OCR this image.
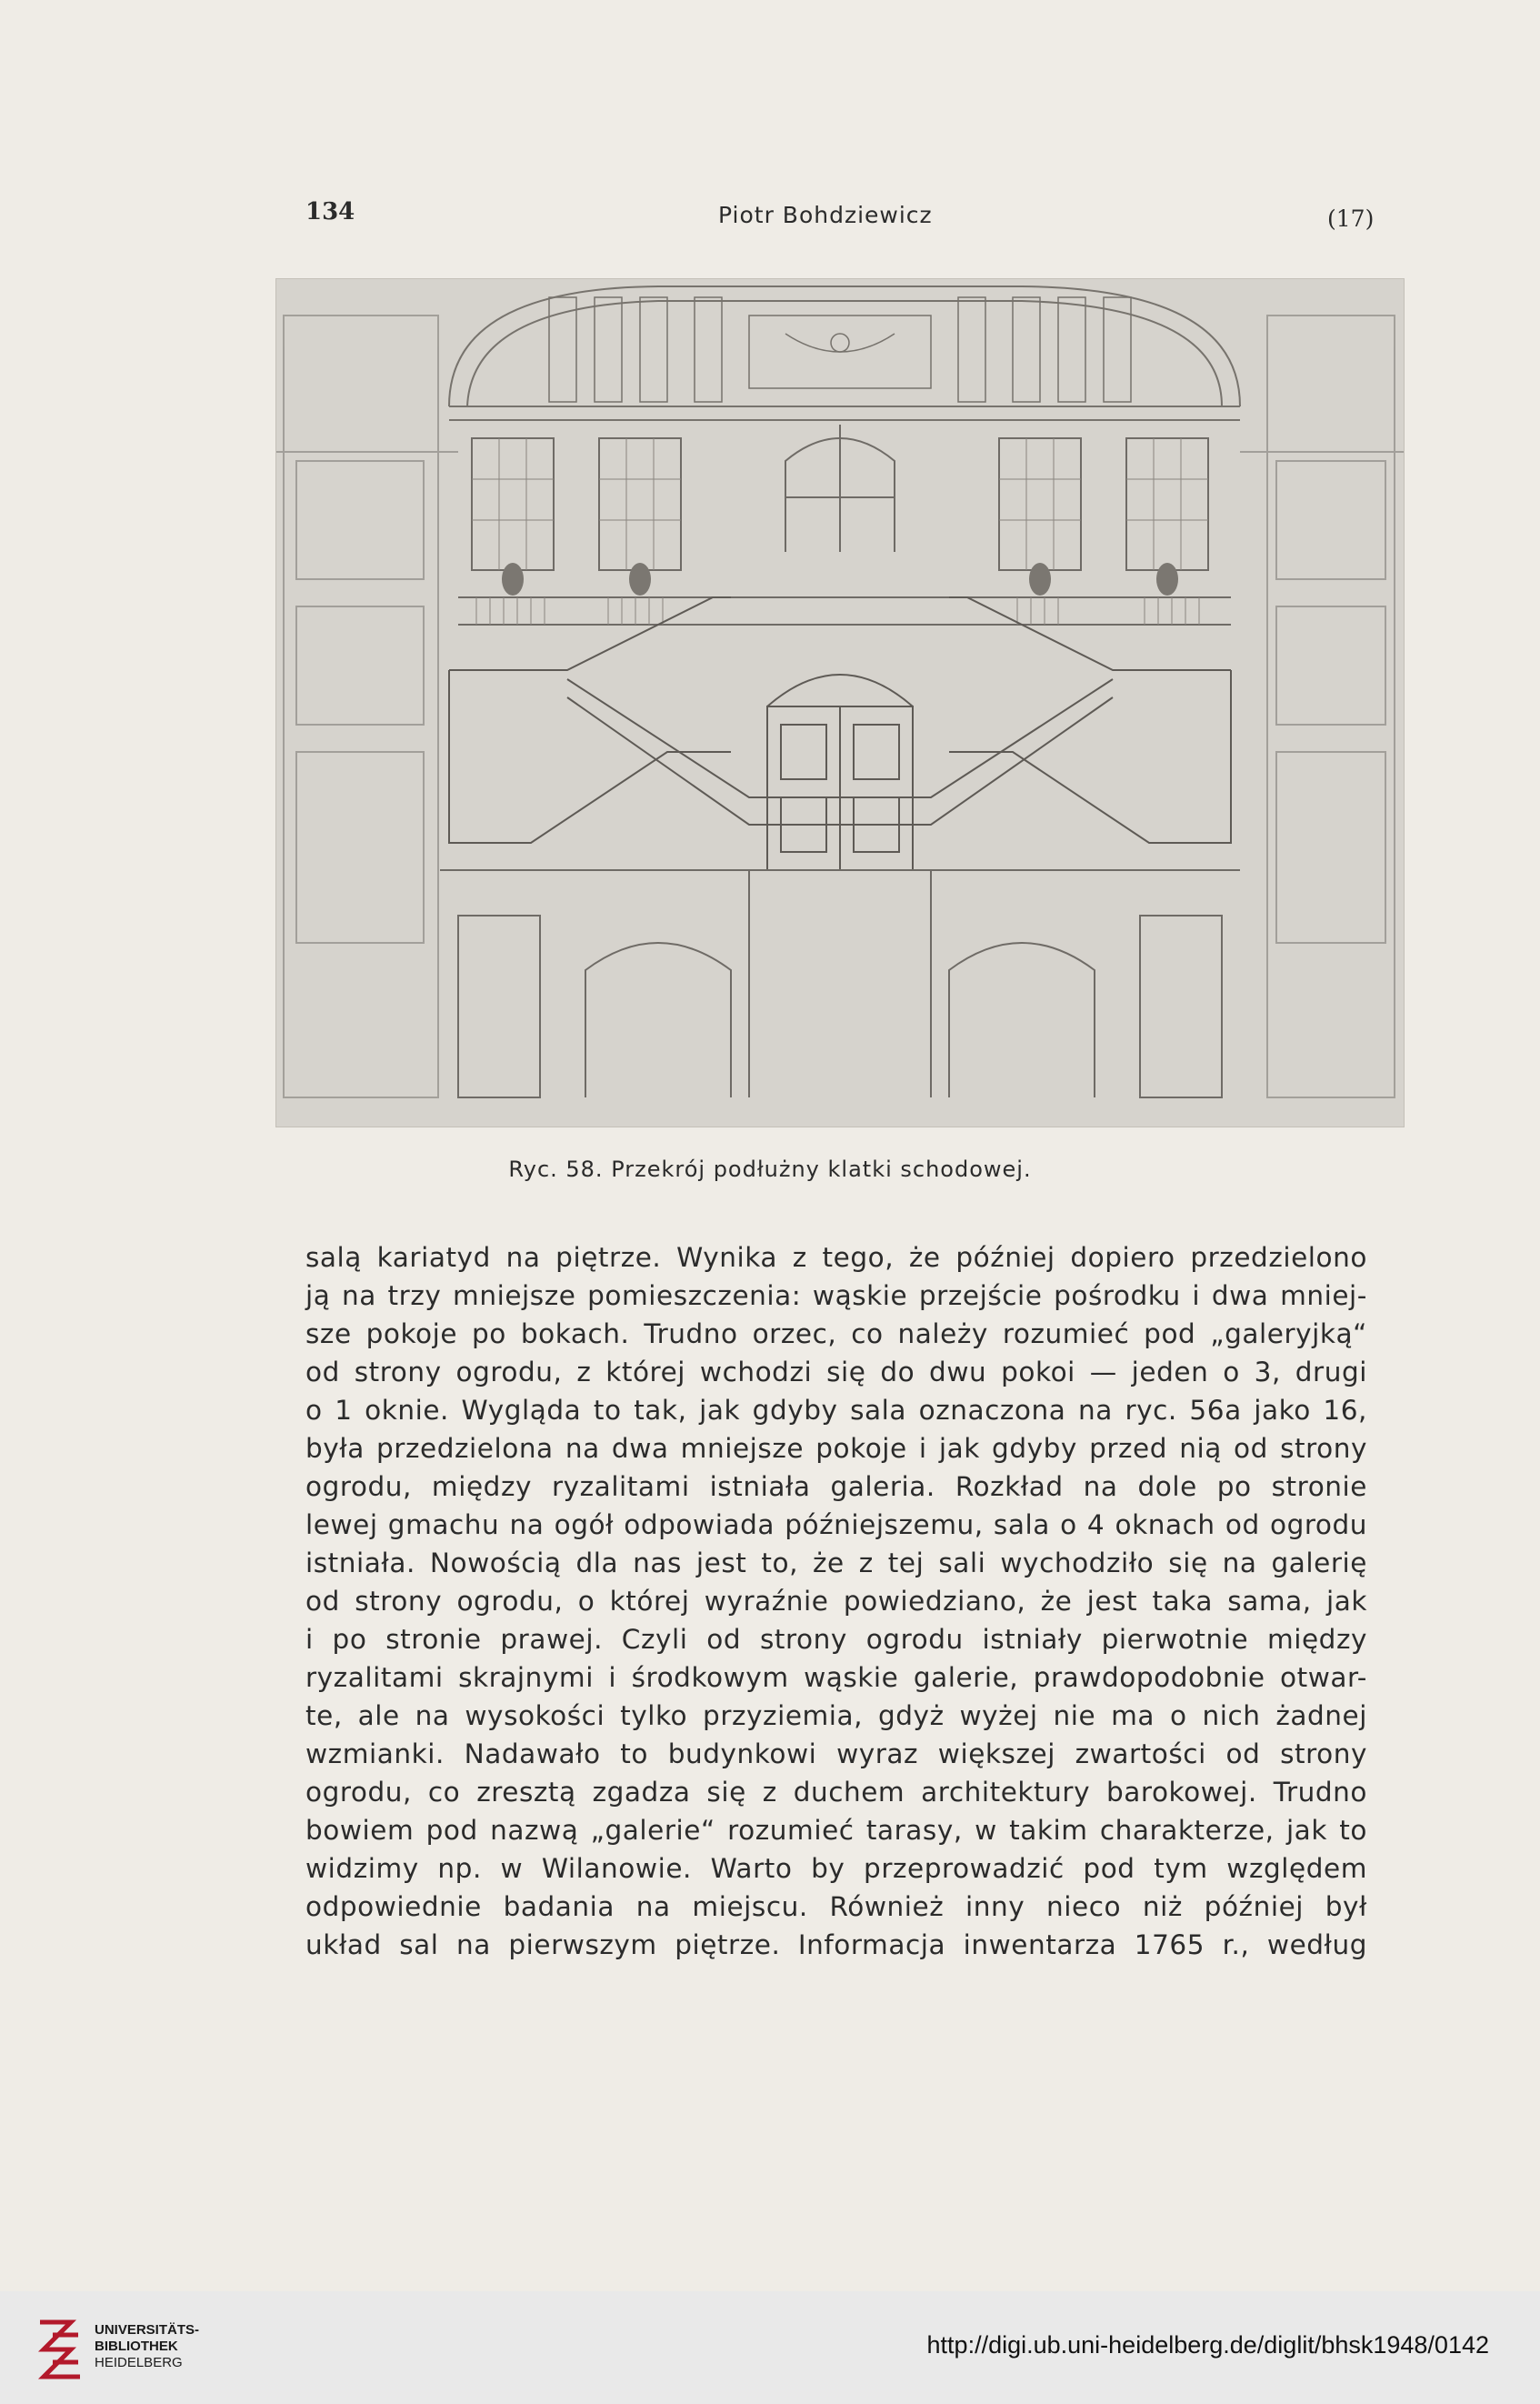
134	Piotr Bohdziewicz	(17)
Ryc. 58. Przekrój podłużny klatki schodowej.
salą kariatyd na piętrze. Wynika z tego, że później dopiero przedzielono
ją na trzy mniejsze pomieszczenia: wąskie przejście pośrodku i dwa mniej-
sze pokoje po bokach. Trudno orzec, co należy rozumieć pod „galeryjką“
od strony ogrodu, z której wchodzi się do dwu pokoi — jeden o 3, drugi
o 1 oknie. Wygląda to tak, jak gdyby sala oznaczona na ryc. 56a jako 16,
była przedzielona na dwa mniejsze pokoje i jak gdyby przed nią od strony
ogrodu, między ryzalitami istniała galeria. Rozkład na dole po stronie
lewej gmachu na ogół odpowiada późniejszemu, sala o 4 oknach od ogrodu
istniała. Nowością dla nas jest to, że z tej sali wychodziło się na galerię
od strony ogrodu, o której wyraźnie powiedziano, że jest taka sama, jak
i po stronie prawej. Czyli od strony ogrodu istniały pierwotnie między
ryzalitami skrajnymi i środkowym wąskie galerie, prawdopodobnie otwar-
te, ale na wysokości tylko przyziemia, gdyż wyżej nie ma o nich żadnej
wzmianki. Nadawało to budynkowi wyraz większej zwartości od strony
ogrodu, co zresztą zgadza się z duchem architektury barokowej. Trudno
bowiem pod nazwą „galerie“ rozumieć tarasy, w takim charakterze, jak to
widzimy np. w Wilanowie. Warto by przeprowadzić pod tym względem
odpowiednie badania na miejscu. Również inny nieco niż później był
układ sal na pierwszym piętrze. Informacja inwentarza 1765 r., według
UNIVERSITÄTS-
BIBLIOTHEK
HEIDELBERG
http://digi.ub.uni-heidelberg.de/diglit/bhsk1948/0142
